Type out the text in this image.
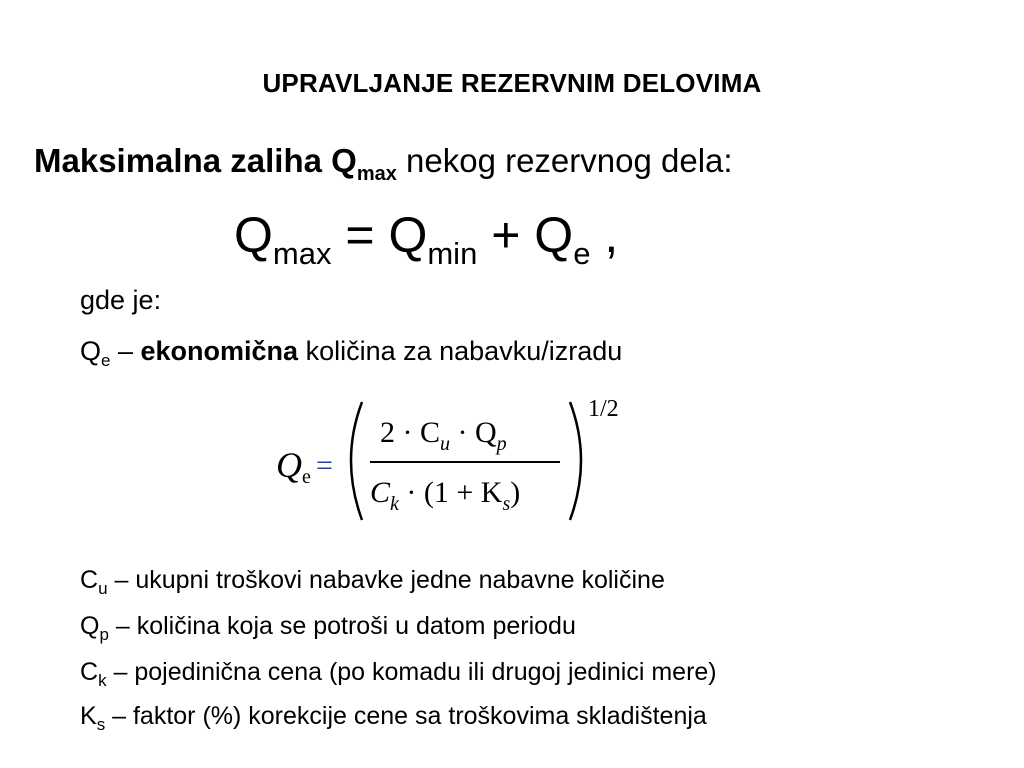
UPRAVLJANJE REZERVNIM DELOVIMA
Maksimalna zaliha $Q_{max}$ nekog rezervnog dela:
$Q_{max} = Q_{min} + Q_e$ ,
gde je:
$Q_e$ – ekonomična količina za nabavku/izradu
Q e =
$2 \cdot C_u \cdot Q_p$
$C_k \cdot (1 + K_s)$
1/2
$C_u$ – ukupni troškovi nabavke jedne nabavne količine
$Q_p$ – količina koja se potroši u datom periodu
$C_k$ – pojedinična cena (po komadu ili drugoj jedinici mere)
$K_s$ – faktor (%) korekcije cene sa troškovima skladištenja
